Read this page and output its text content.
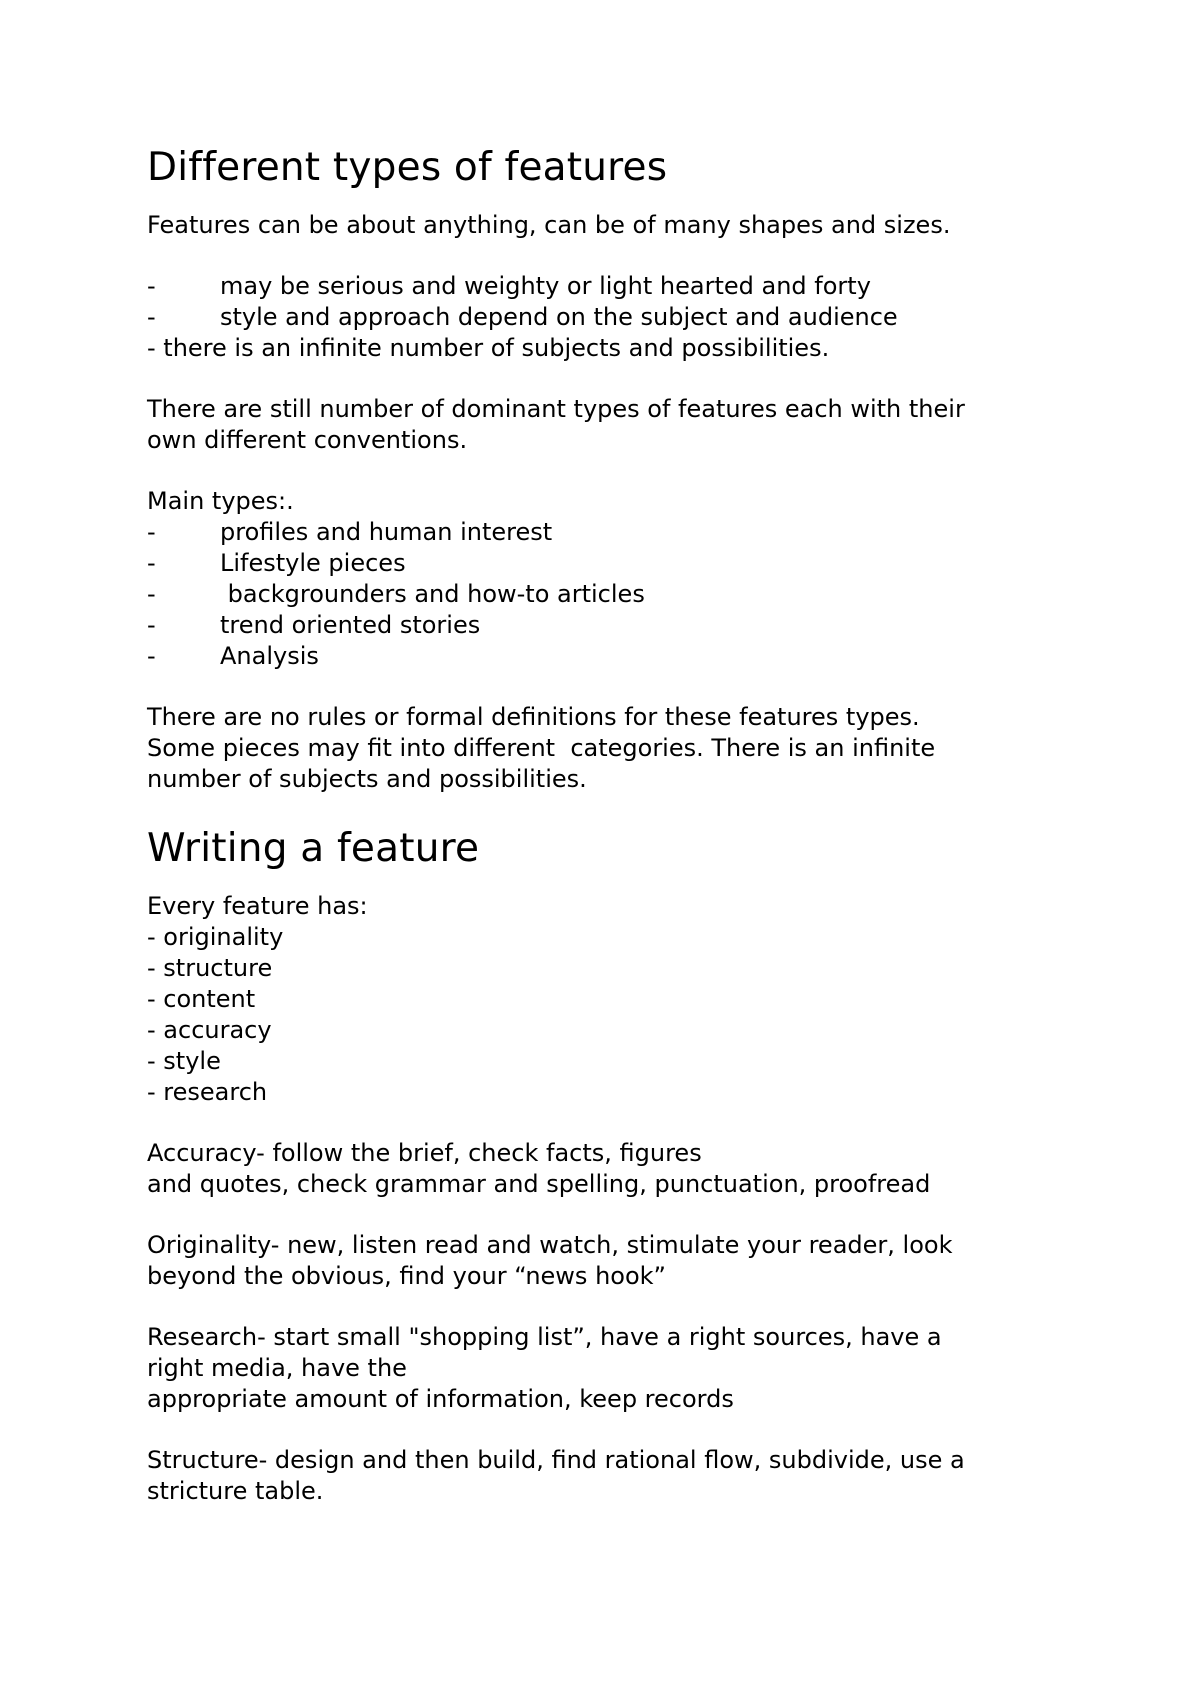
Different types of features

Features can be about anything, can be of many shapes and sizes.

-	may be serious and weighty or light hearted and forty
-	style and approach depend on the subject and audience

- there is an infinite number of subjects and possibilities.

There are still number of dominant types of features each with their

own different conventions.

Main types:.

-	profiles and human interest
-	Lifestyle pieces
-	backgrounders and how-to articles
-	trend oriented stories
-	Analysis

There are no rules or formal definitions for these features types.

Some pieces may fit into different  categories. There is an infinite

number of subjects and possibilities.

Writing a feature

Every feature has:

- originality

- structure

- content

- accuracy

- style

- research

Accuracy- follow the brief, check facts, figures

and quotes, check grammar and spelling, punctuation, proofread

Originality- new, listen read and watch, stimulate your reader, look

beyond the obvious, find your “news hook”

Research- start small "shopping list”, have a right sources, have a

right media, have the

appropriate amount of information, keep records

Structure- design and then build, find rational flow, subdivide, use a

stricture table.
